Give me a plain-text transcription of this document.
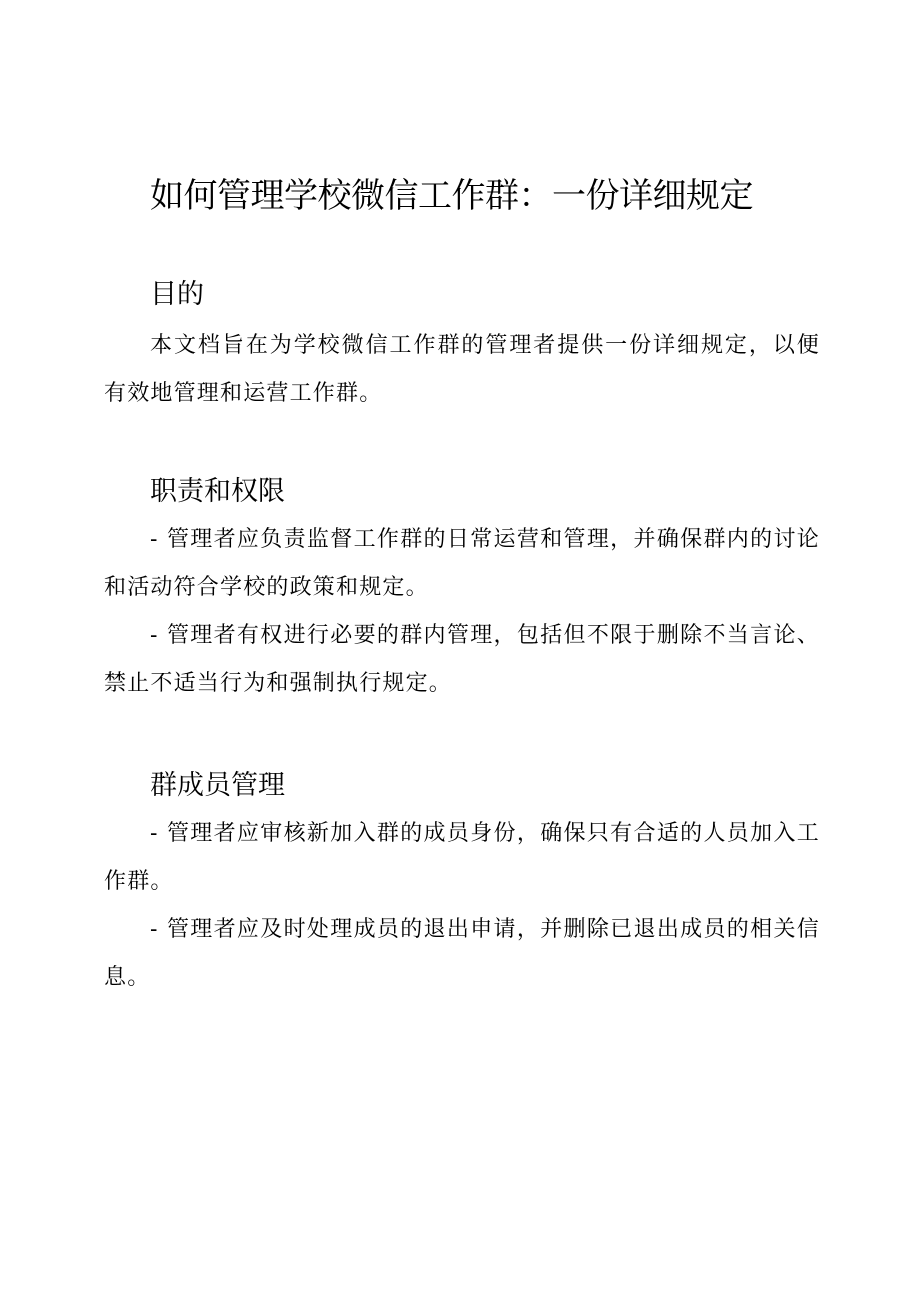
如何管理学校微信工作群：一份详细规定
目的

本文档旨在为学校微信工作群的管理者提供一份详细规定，以便有效地管理和运营工作群。

职责和权限

- 管理者应负责监督工作群的日常运营和管理，并确保群内的讨论和活动符合学校的政策和规定。

- 管理者有权进行必要的群内管理，包括但不限于删除不当言论、禁止不适当行为和强制执行规定。

群成员管理

- 管理者应审核新加入群的成员身份，确保只有合适的人员加入工作群。

- 管理者应及时处理成员的退出申请，并删除已退出成员的相关信息。
